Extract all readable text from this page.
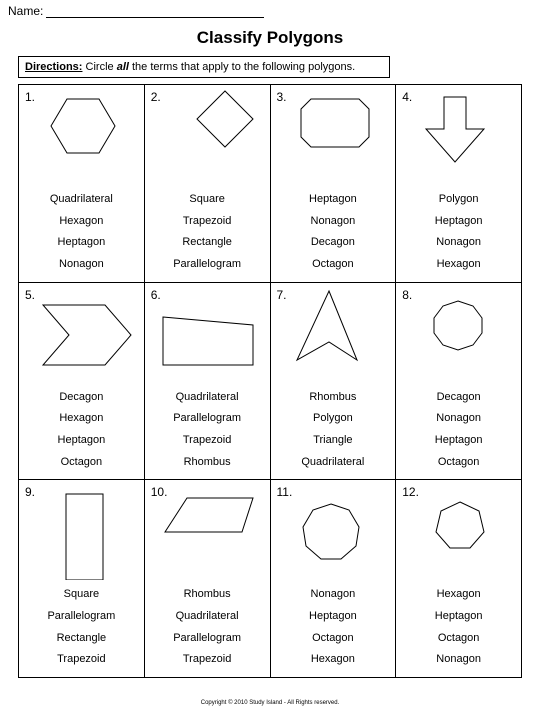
Name:
Classify Polygons
Directions: Circle all the terms that apply to the following polygons.
1.
Quadrilateral
Hexagon
Heptagon
Nonagon
2.
Square
Trapezoid
Rectangle
Parallelogram
3.
Heptagon
Nonagon
Decagon
Octagon
4.
Polygon
Heptagon
Nonagon
Hexagon
5.
Decagon
Hexagon
Heptagon
Octagon
6.
Quadrilateral
Parallelogram
Trapezoid
Rhombus
7.
Rhombus
Polygon
Triangle
Quadrilateral
8.
Decagon
Nonagon
Heptagon
Octagon
9.
Square
Parallelogram
Rectangle
Trapezoid
10.
Rhombus
Quadrilateral
Parallelogram
Trapezoid
11.
Nonagon
Heptagon
Octagon
Hexagon
12.
Hexagon
Heptagon
Octagon
Nonagon
Copyright © 2010 Study Island - All Rights reserved.
